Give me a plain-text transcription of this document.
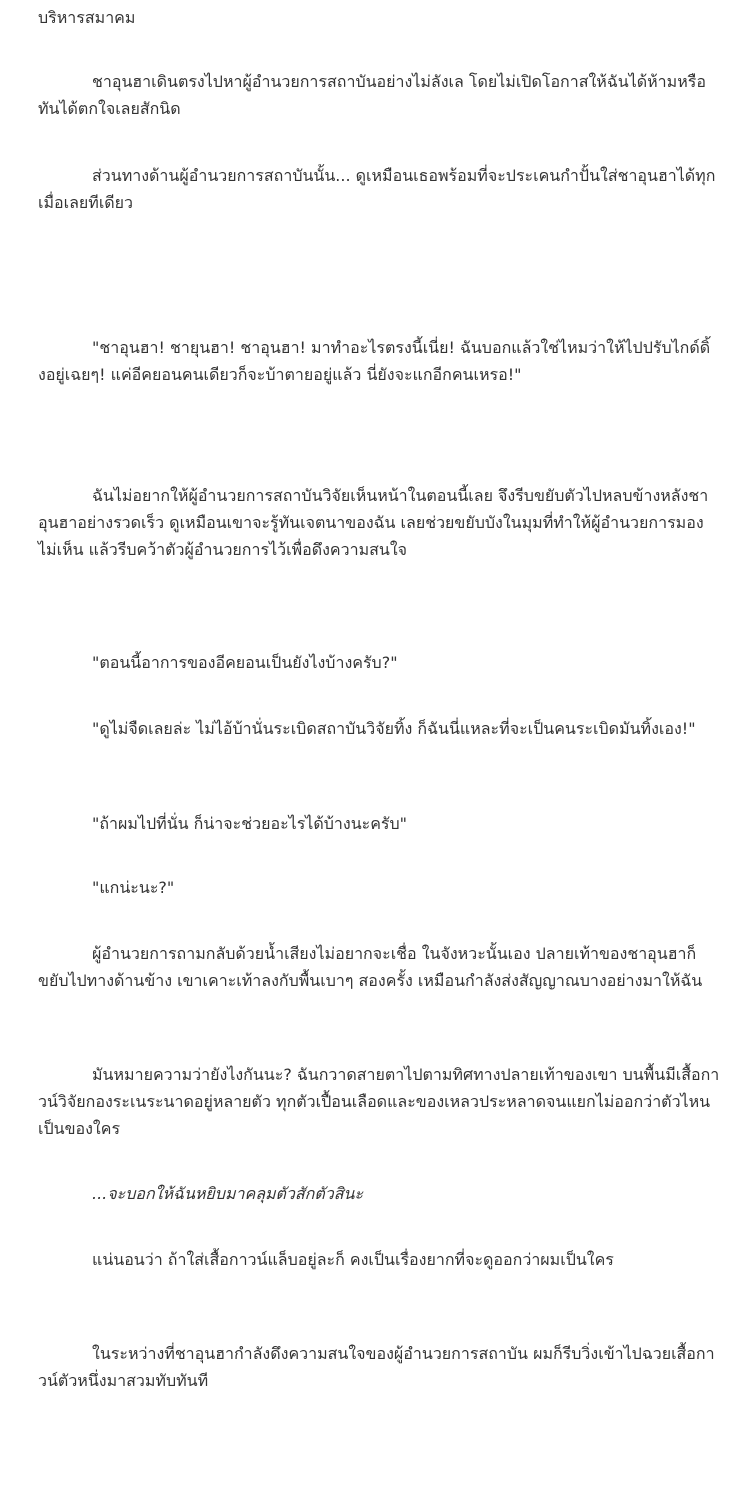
บริหารสมาคม

ชาอุนฮาเดินตรงไปหาผู้อำนวยการสถาบันอย่างไม่ลังเล โดยไม่เปิดโอกาสให้ฉันได้ห้ามหรือทันได้ตกใจเลยสักนิด

ส่วนทางด้านผู้อำนวยการสถาบันนั้น... ดูเหมือนเธอพร้อมที่จะประเคนกำปั้นใส่ชาอุนฮาได้ทุกเมื่อเลยทีเดียว

"ชาอุนฮา! ชายุนฮา! ชาอุนฮา! มาทำอะไรตรงนี้เนี่ย! ฉันบอกแล้วใช่ไหมว่าให้ไปปรับไกด์ดิ้งอยู่เฉยๆ! แค่อีคยอนคนเดียวก็จะบ้าตายอยู่แล้ว นี่ยังจะแกอีกคนเหรอ!"

ฉันไม่อยากให้ผู้อำนวยการสถาบันวิจัยเห็นหน้าในตอนนี้เลย จึงรีบขยับตัวไปหลบข้างหลังชาอุนฮาอย่างรวดเร็ว ดูเหมือนเขาจะรู้ทันเจตนาของฉัน เลยช่วยขยับบังในมุมที่ทำให้ผู้อำนวยการมองไม่เห็น แล้วรีบคว้าตัวผู้อำนวยการไว้เพื่อดึงความสนใจ

"ตอนนี้อาการของอีคยอนเป็นยังไงบ้างครับ?"

"ดูไม่จืดเลยล่ะ ไม่ไอ้บ้านั่นระเบิดสถาบันวิจัยทิ้ง ก็ฉันนี่แหละที่จะเป็นคนระเบิดมันทิ้งเอง!"

"ถ้าผมไปที่นั่น ก็น่าจะช่วยอะไรได้บ้างนะครับ"

"แกน่ะนะ?"

ผู้อำนวยการถามกลับด้วยน้ำเสียงไม่อยากจะเชื่อ ในจังหวะนั้นเอง ปลายเท้าของชาอุนฮาก็ขยับไปทางด้านข้าง เขาเคาะเท้าลงกับพื้นเบาๆ สองครั้ง เหมือนกำลังส่งสัญญาณบางอย่างมาให้ฉัน

มันหมายความว่ายังไงกันนะ? ฉันกวาดสายตาไปตามทิศทางปลายเท้าของเขา บนพื้นมีเสื้อกาวน์วิจัยกองระเนระนาดอยู่หลายตัว ทุกตัวเปื้อนเลือดและของเหลวประหลาดจนแยกไม่ออกว่าตัวไหนเป็นของใคร

...จะบอกให้ฉันหยิบมาคลุมตัวสักตัวสินะ

แน่นอนว่า ถ้าใส่เสื้อกาวน์แล็บอยู่ละก็ คงเป็นเรื่องยากที่จะดูออกว่าผมเป็นใคร

ในระหว่างที่ชาอุนฮากำลังดึงความสนใจของผู้อำนวยการสถาบัน ผมก็รีบวิ่งเข้าไปฉวยเสื้อกาวน์ตัวหนึ่งมาสวมทับทันที
